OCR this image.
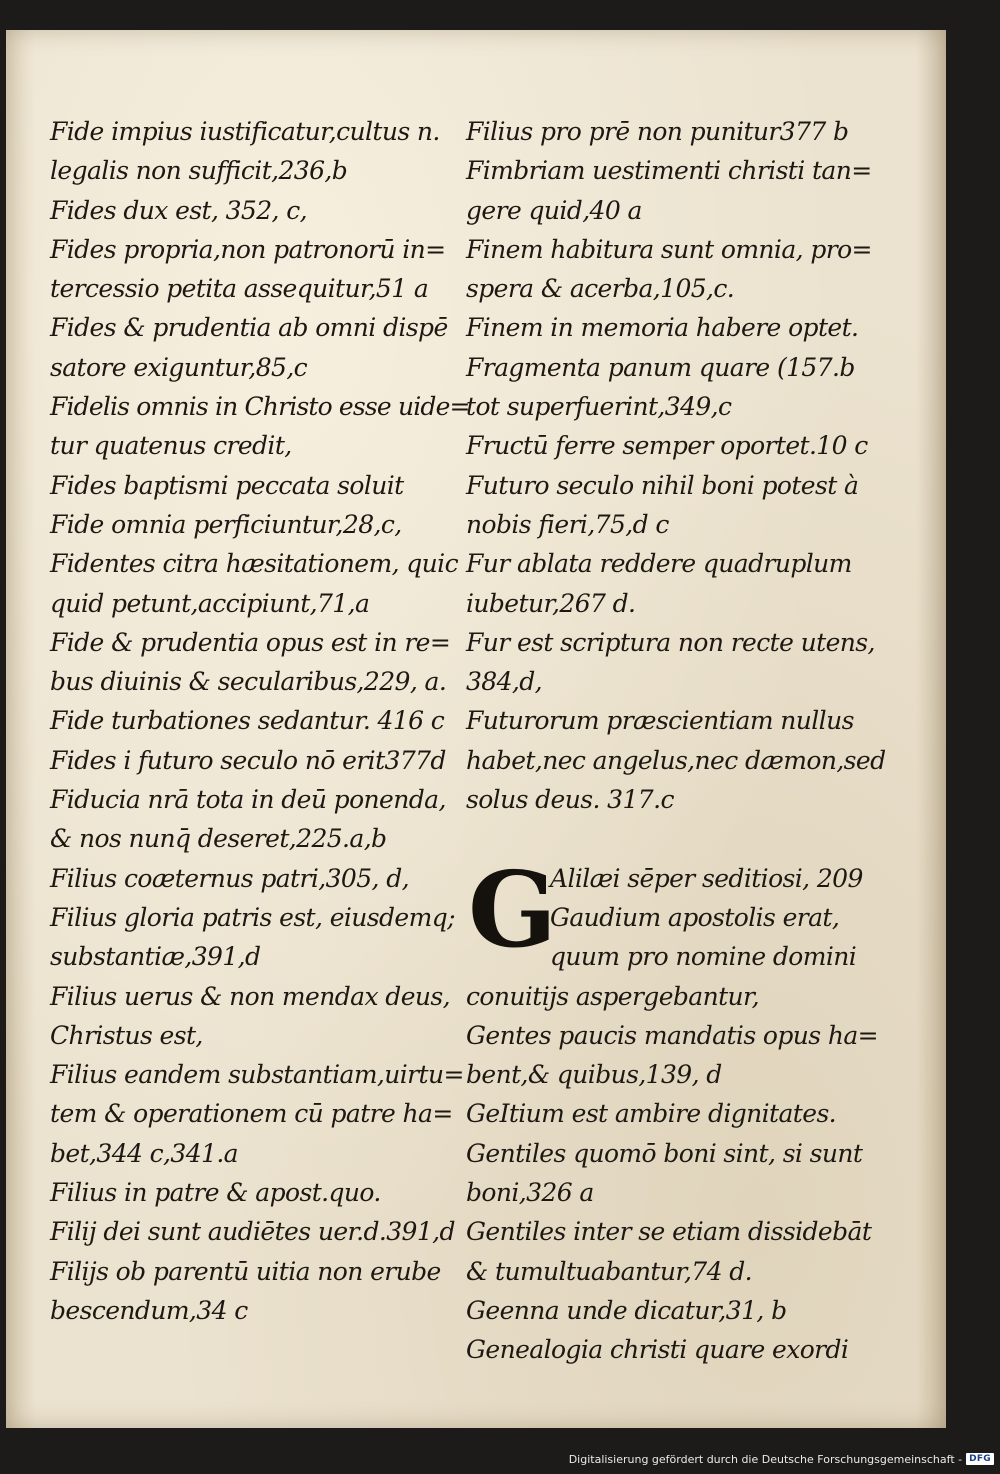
Fide impius iustificatur,cultus n.
legalis non sufficit,236,b
Fides dux est, 352, c,
Fides propria,non patronorū in=
tercessio petita assequitur,51 a
Fides & prudentia ab omni dispē
satore exiguntur,85,c
Fidelis omnis in Christo esse uide=
tur quatenus credit,
Fides baptismi peccata soluit
Fide omnia perficiuntur,28,c,
Fidentes citra hæsitationem, quic
quid petunt,accipiunt,71,a
Fide & prudentia opus est in re=
bus diuinis & secularibus,229, a.
Fide turbationes sedantur. 416 c
Fides i futuro seculo nō erit377d
Fiducia nrā tota in deū ponenda,
& nos nunq̄ deseret,225.a,b
Filius coæternus patri,305, d,
Filius gloria patris est, eiusdemq;
substantiæ,391,d
Filius uerus & non mendax deus,
Christus est,
Filius eandem substantiam,uirtu=
tem & operationem cū patre ha=
bet,344 c,341.a
Filius in patre & apost.quo.
Filij dei sunt audiētes uer.d.391,d
Filijs ob parentū uitia non erube
bescendum,34 c
Filius pro prē non punitur377 b
Fimbriam uestimenti christi tan=
gere quid,40 a
Finem habitura sunt omnia, pro=
spera & acerba,105,c.
Finem in memoria habere optet.
Fragmenta panum quare (157.b
tot superfuerint,349,c
Fructū ferre semper oportet.10 c
Futuro seculo nihil boni potest à
nobis fieri,75,d c
Fur ablata reddere quadruplum
iubetur,267 d.
Fur est scriptura non recte utens,
384,d,
Futurorum præscientiam nullus
habet,nec angelus,nec dæmon,sed
solus deus. 317.c
G
Alilæi sēper seditiosi, 209
Gaudium apostolis erat,
quum pro nomine domini
conuitijs aspergebantur,
Gentes paucis mandatis opus ha=
bent,& quibus,139, d
GeItium est ambire dignitates.
Gentiles quomō boni sint, si sunt
boni,326 a
Gentiles inter se etiam dissidebāt
& tumultuabantur,74 d.
Geenna unde dicatur,31, b
Genealogia christi quare exordi
Digitalisierung gefördert durch die Deutsche Forschungsgemeinschaft - DFG
